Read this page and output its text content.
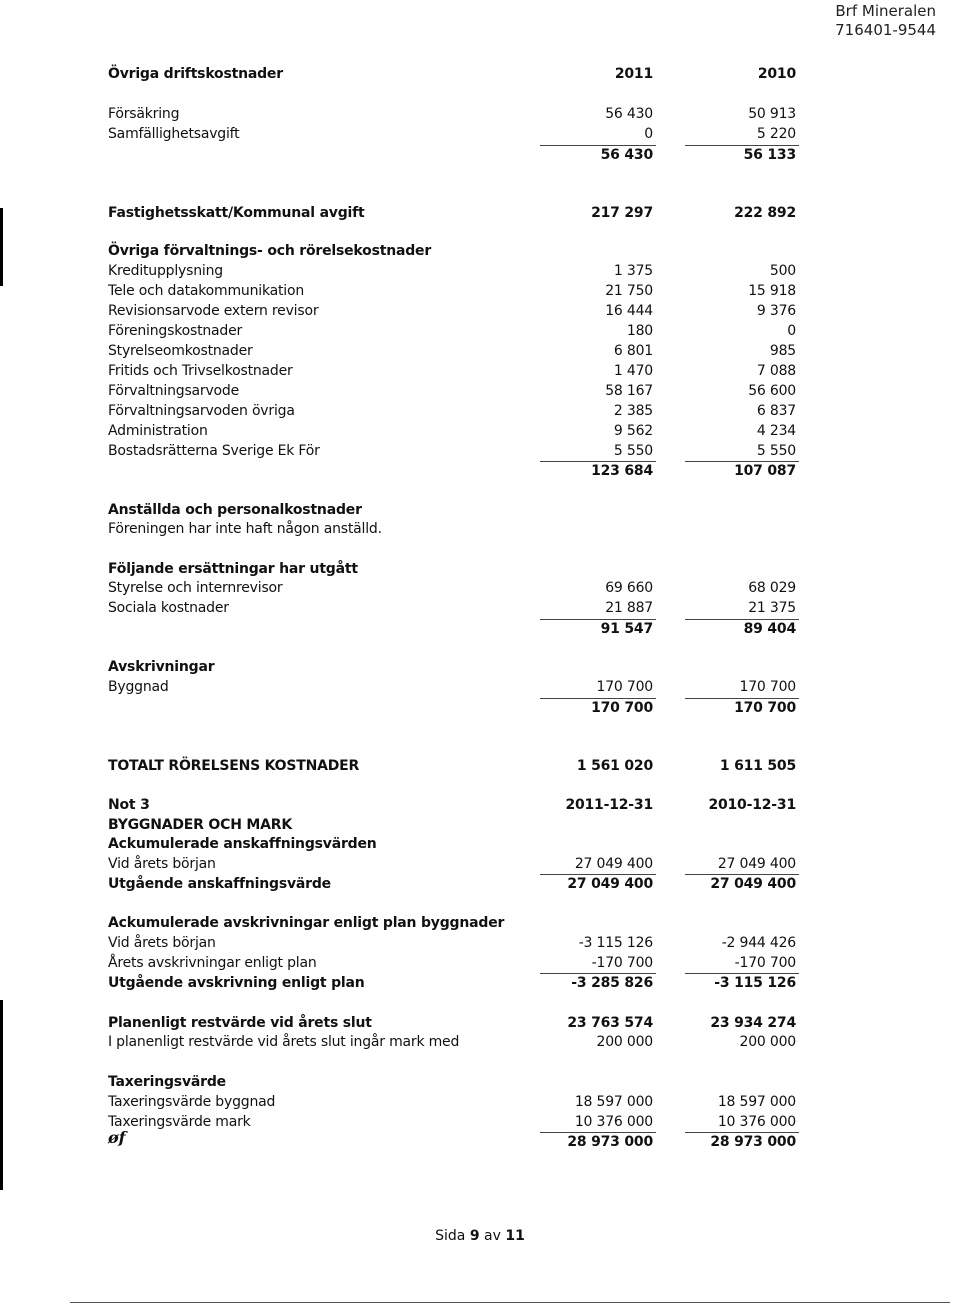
Brf Mineralen
716401-9544
Övriga driftskostnader	2011	2010
Försäkring	56 430	50 913
Samfällighetsavgift	0	5 220
56 430	56 133
Fastighetsskatt/Kommunal avgift	217 297	222 892
Övriga förvaltnings- och rörelsekostnader
Kreditupplysning	1 375	500
Tele och datakommunikation	21 750	15 918
Revisionsarvode extern revisor	16 444	9 376
Föreningskostnader	180	0
Styrelseomkostnader	6 801	985
Fritids och Trivselkostnader	1 470	7 088
Förvaltningsarvode	58 167	56 600
Förvaltningsarvoden övriga	2 385	6 837
Administration	9 562	4 234
Bostadsrätterna Sverige Ek För	5 550	5 550
123 684	107 087
Anställda och personalkostnader
Föreningen har inte haft någon anställd.
Följande ersättningar har utgått
Styrelse och internrevisor	69 660	68 029
Sociala kostnader	21 887	21 375
91 547	89 404
Avskrivningar
Byggnad	170 700	170 700
170 700	170 700
TOTALT RÖRELSENS KOSTNADER	1 561 020	1 611 505
Not 3	2011-12-31	2010-12-31
BYGGNADER OCH MARK
Ackumulerade anskaffningsvärden
Vid årets början	27 049 400	27 049 400
Utgående anskaffningsvärde	27 049 400	27 049 400
Ackumulerade avskrivningar enligt plan byggnader
Vid årets början	-3 115 126	-2 944 426
Årets avskrivningar enligt plan	-170 700	-170 700
Utgående avskrivning enligt plan	-3 285 826	-3 115 126
Planenligt restvärde vid årets slut	23 763 574	23 934 274
I planenligt restvärde vid årets slut ingår mark med	200 000	200 000
Taxeringsvärde
Taxeringsvärde byggnad	18 597 000	18 597 000
Taxeringsvärde mark	10 376 000	10 376 000
28 973 000	28 973 000
øf
Sida 9 av 11
